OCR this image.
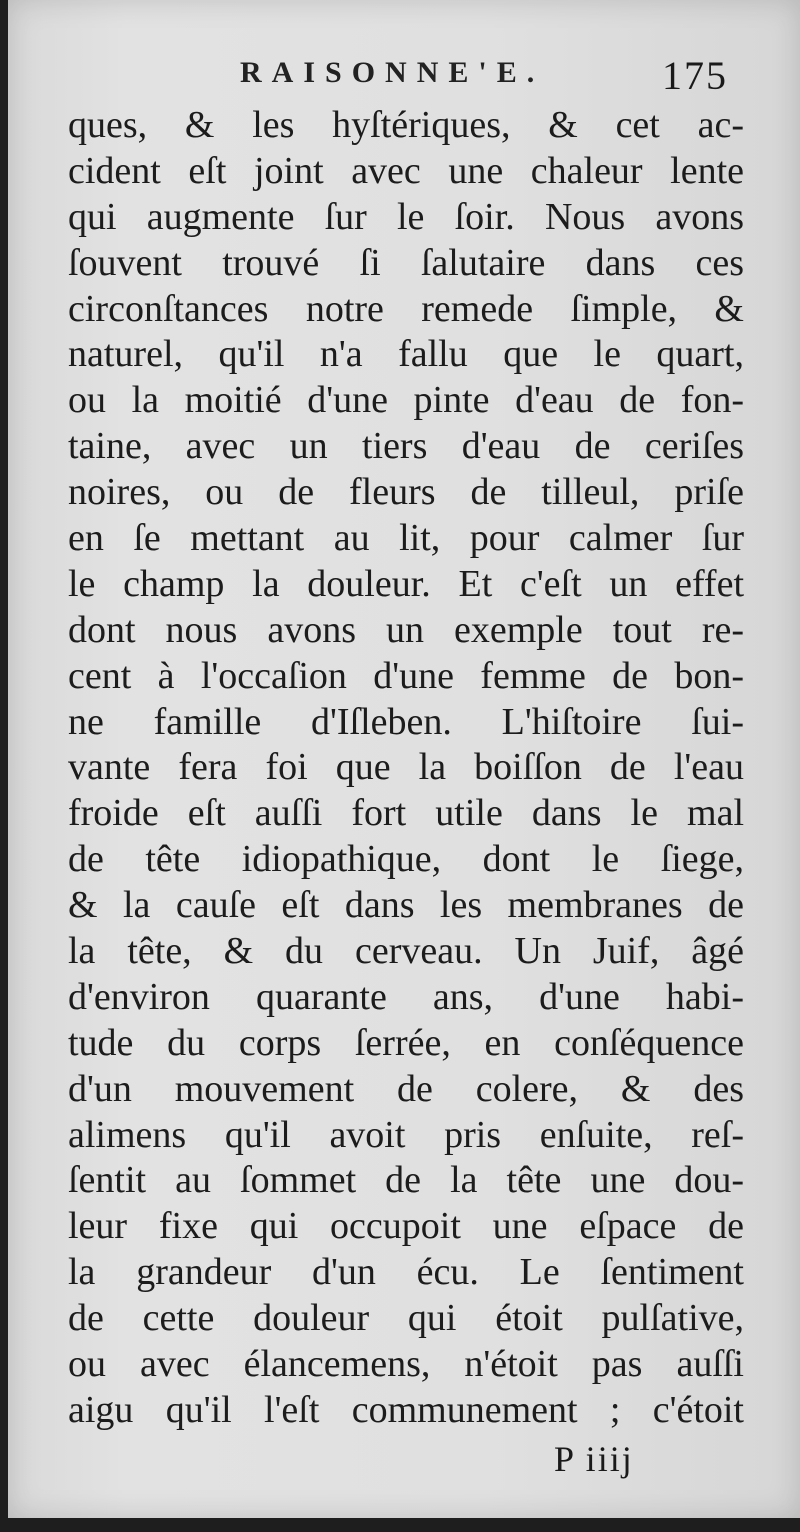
RAISONNE'E.	175
ques, & les hyſtériques, & cet ac-
cident eſt joint avec une chaleur lente
qui augmente ſur le ſoir. Nous avons
ſouvent trouvé ſi ſalutaire dans ces
circonſtances notre remede ſimple, &
naturel, qu'il n'a fallu que le quart,
ou la moitié d'une pinte d'eau de fon-
taine, avec un tiers d'eau de ceriſes
noires, ou de fleurs de tilleul, priſe
en ſe mettant au lit, pour calmer ſur
le champ la douleur. Et c'eſt un effet
dont nous avons un exemple tout re-
cent à l'occaſion d'une femme de bon-
ne famille d'Iſleben. L'hiſtoire ſui-
vante fera foi que la boiſſon de l'eau
froide eſt auſſi fort utile dans le mal
de tête idiopathique, dont le ſiege,
& la cauſe eſt dans les membranes de
la tête, & du cerveau. Un Juif, âgé
d'environ quarante ans, d'une habi-
tude du corps ſerrée, en conſéquence
d'un mouvement de colere, & des
alimens qu'il avoit pris enſuite, reſ-
ſentit au ſommet de la tête une dou-
leur fixe qui occupoit une eſpace de
la grandeur d'un écu. Le ſentiment
de cette douleur qui étoit pulſative,
ou avec élancemens, n'étoit pas auſſi
aigu qu'il l'eſt communement ; c'étoit
P iiij
